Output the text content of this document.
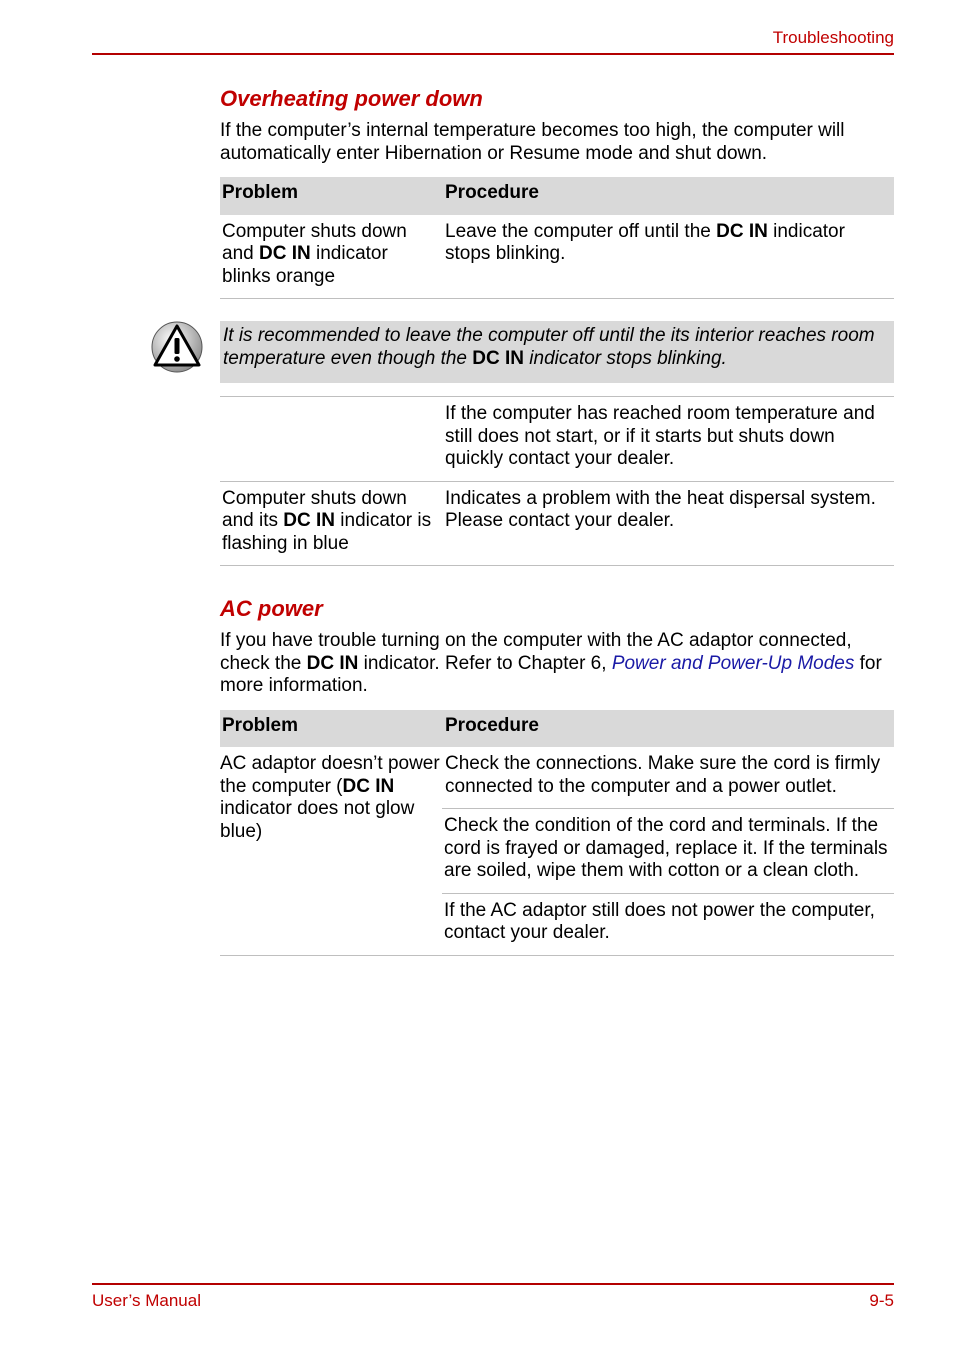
Troubleshooting
Overheating power down

If the computer’s internal temperature becomes too high, the computer will automatically enter Hibernation or Resume mode and shut down.

Problem	Procedure
Computer shuts down and DC IN indicator blinks orange	Leave the computer off until the DC IN indicator stops blinking.
It is recommended to leave the computer off until the its interior reaches room temperature even though the DC IN indicator stops blinking.
	If the computer has reached room temperature and still does not start, or if it starts but shuts down quickly contact your dealer.
Computer shuts down and its DC IN indicator is flashing in blue	Indicates a problem with the heat dispersal system. Please contact your dealer.
AC power

If you have trouble turning on the computer with the AC adaptor connected, check the DC IN indicator. Refer to Chapter 6, Power and Power-Up Modes for more information.

Problem	Procedure
AC adaptor doesn’t power the computer (DC IN indicator does not glow blue)	Check the connections. Make sure the cord is firmly connected to the computer and a power outlet.
	Check the condition of the cord and terminals. If the cord is frayed or damaged, replace it. If the terminals are soiled, wipe them with cotton or a clean cloth.
	If the AC adaptor still does not power the computer, contact your dealer.
User’s Manual	9-5
